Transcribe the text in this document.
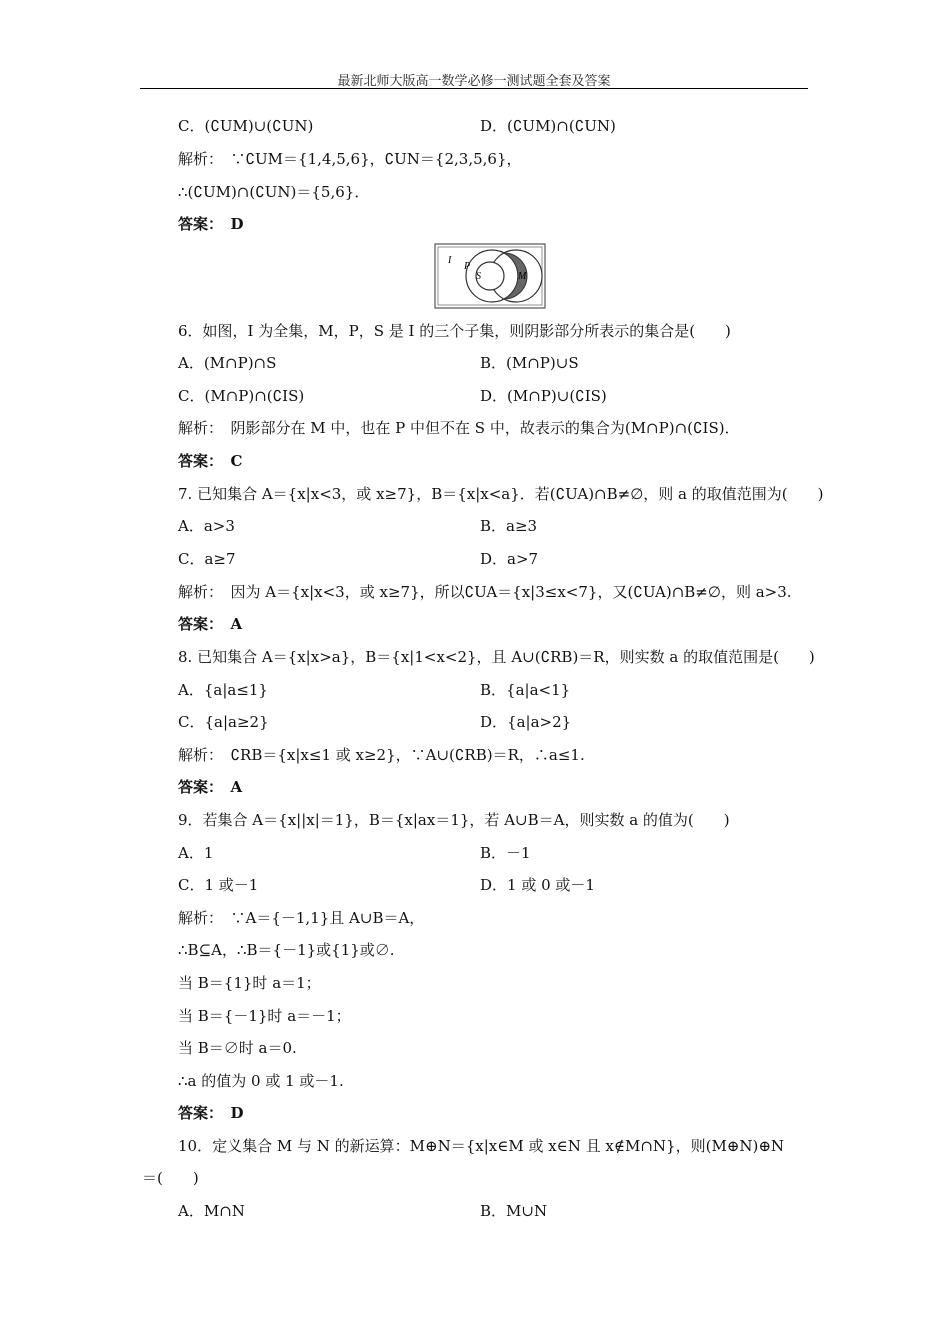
最新北师大版高一数学必修一测试题全套及答案
C．(∁UM)∪(∁UN)	D．(∁UM)∩(∁UN)
解析：　∵∁UM＝{1,4,5,6}，∁UN＝{2,3,5,6}，
∴(∁UM)∩(∁UN)＝{5,6}．
答案：　D
I
P
S	M
6．如图，I 为全集，M，P，S 是 I 的三个子集，则阴影部分所表示的集合是(　　)
A．(M∩P)∩S	B．(M∩P)∪S
C．(M∩P)∩(∁IS)	D．(M∩P)∪(∁IS)
解析：　阴影部分在 M 中，也在 P 中但不在 S 中，故表示的集合为(M∩P)∩(∁IS)．
答案：　C
7. 已知集合 A＝{x|x<3，或 x≥7}，B＝{x|x<a}．若(∁UA)∩B≠∅，则 a 的取值范围为(　　)
A．a>3	B．a≥3
C．a≥7	D．a>7
解析：　因为 A＝{x|x<3，或 x≥7}，所以∁UA＝{x|3≤x<7}，又(∁UA)∩B≠∅，则 a>3.
答案：　A
8. 已知集合 A＝{x|x>a}，B＝{x|1<x<2}，且 A∪(∁RB)＝R，则实数 a 的取值范围是(　　)
A．{a|a≤1}	B．{a|a<1}
C．{a|a≥2}	D．{a|a>2}
解析：　∁RB＝{x|x≤1 或 x≥2}，∵A∪(∁RB)＝R，∴a≤1.
答案：　A
9．若集合 A＝{x||x|＝1}，B＝{x|ax＝1}，若 A∪B＝A，则实数 a 的值为(　　)
A．1	B．－1
C．1 或－1	D．1 或 0 或－1
解析：　∵A＝{－1,1}且 A∪B＝A，
∴B⊆A，∴B＝{－1}或{1}或∅.
当 B＝{1}时 a＝1；
当 B＝{－1}时 a＝－1；
当 B＝∅时 a＝0.
∴a 的值为 0 或 1 或－1.
答案：　D
10．定义集合 M 与 N 的新运算：M⊕N＝{x|x∈M 或 x∈N 且 x∉M∩N}，则(M⊕N)⊕N
＝(　　)
A．M∩N	B．M∪N
